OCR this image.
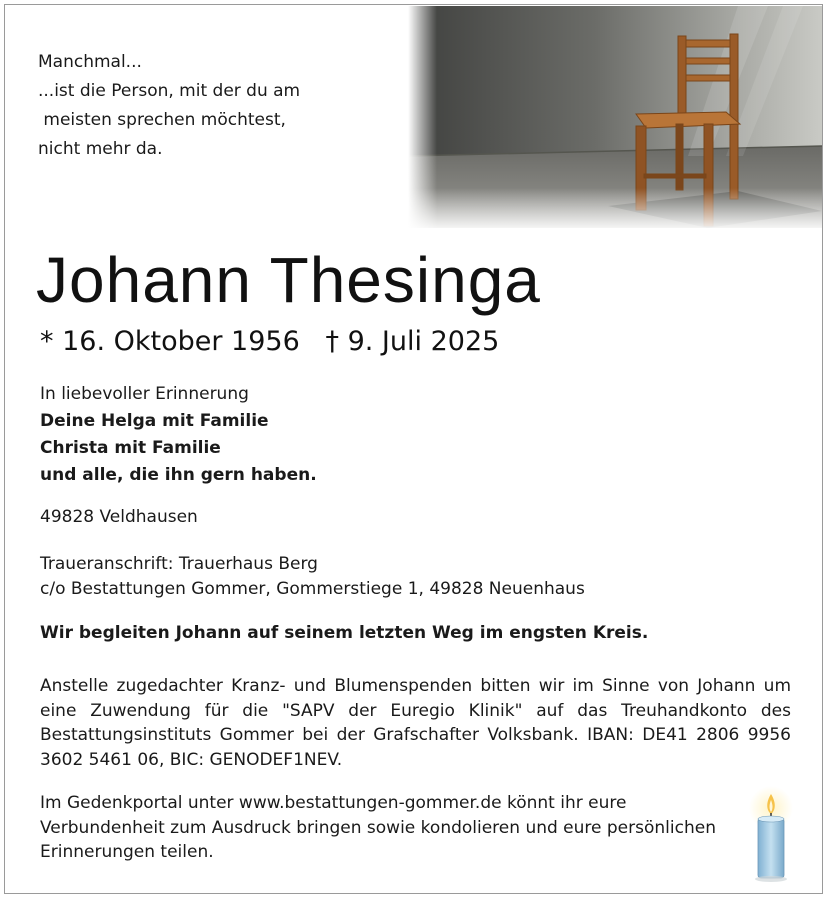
Manchmal...
...ist die Person, mit der du am
meisten sprechen möchtest,
nicht mehr da.
Johann Thesinga
* 16. Oktober 1956 † 9. Juli 2025
In liebevoller Erinnerung
Deine Helga mit Familie
Christa mit Familie
und alle, die ihn gern haben.
49828 Veldhausen
Traueranschrift: Trauerhaus Berg
c/o Bestattungen Gommer, Gommerstiege 1, 49828 Neuenhaus
Wir begleiten Johann auf seinem letzten Weg im engsten Kreis.
Anstelle zugedachter Kranz- und Blumenspenden bitten wir im Sinne von Johann um eine Zuwendung für die "SAPV der Euregio Klinik" auf das Treuhandkonto des Bestattungsinstituts Gommer bei der Grafschafter Volksbank. IBAN: DE41 2806 9956 3602 5461 06, BIC: GENODEF1NEV.
Im Gedenkportal unter www.bestattungen-gommer.de könnt ihr eure Verbundenheit zum Ausdruck bringen sowie kondolieren und eure persönlichen Erinnerungen teilen.
